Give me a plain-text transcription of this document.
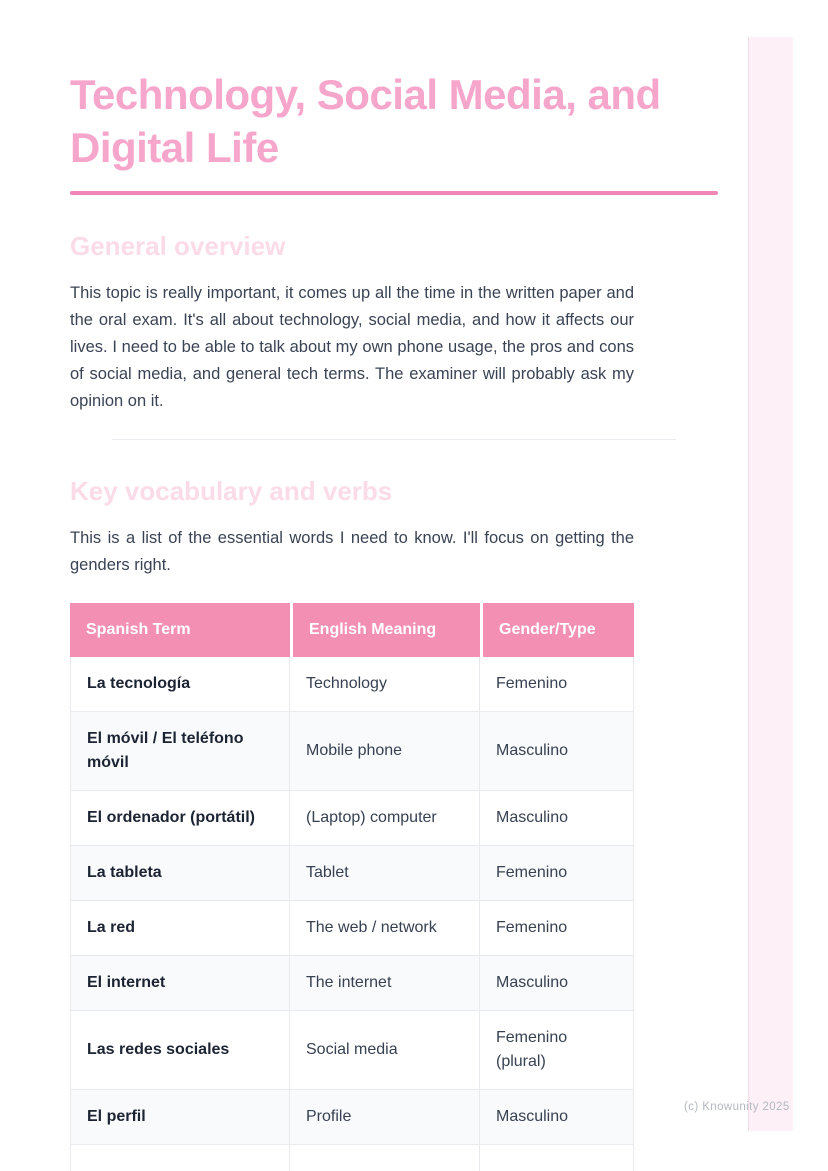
Technology, Social Media, and Digital Life
General overview

This topic is really important, it comes up all the time in the written paper and the oral exam. It's all about technology, social media, and how it affects our lives. I need to be able to talk about my own phone usage, the pros and cons of social media, and general tech terms. The examiner will probably ask my opinion on it.

Key vocabulary and verbs

This is a list of the essential words I need to know. I'll focus on getting the genders right.

Spanish Term	English Meaning	Gender/Type
La tecnología	Technology	Femenino
El móvil / El teléfono móvil	Mobile phone	Masculino
El ordenador (portátil)	(Laptop) computer	Masculino
La tableta	Tablet	Femenino
La red	The web / network	Femenino
El internet	The internet	Masculino
Las redes sociales	Social media	Femenino (plural)
El perfil	Profile	Masculino

(c) Knowunity 2025
